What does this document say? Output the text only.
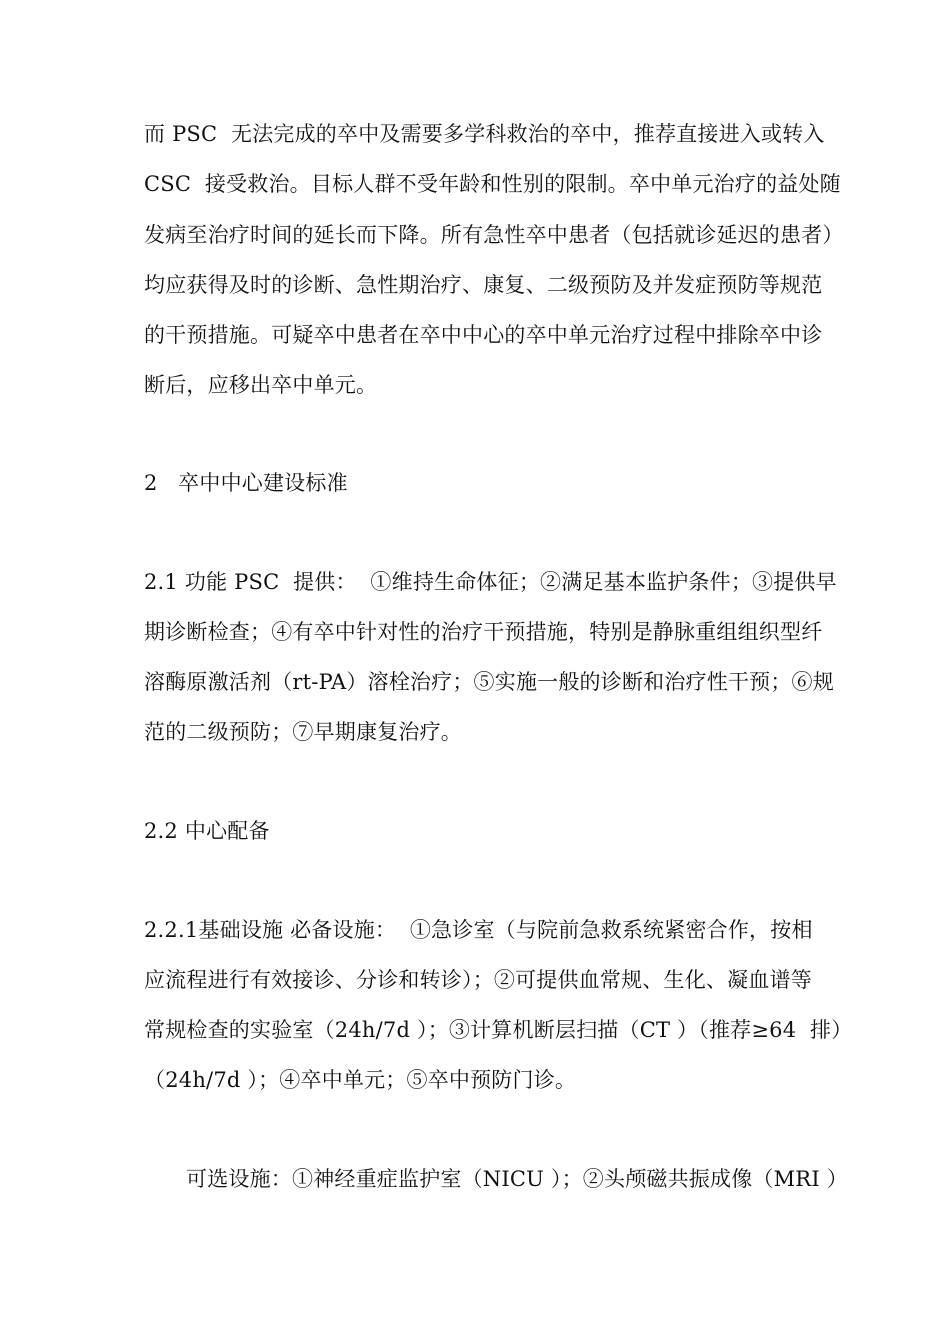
而 PSC  无法完成的卒中及需要多学科救治的卒中，推荐直接进入或转入
CSC  接受救治。目标人群不受年龄和性别的限制。卒中单元治疗的益处随
发病至治疗时间的延长而下降。所有急性卒中患者（包括就诊延迟的患者）
均应获得及时的诊断、急性期治疗、康复、二级预防及并发症预防等规范
的干预措施。可疑卒中患者在卒中中心的卒中单元治疗过程中排除卒中诊
断后，应移出卒中单元。
2   卒中中心建设标准
2.1 功能 PSC  提供：  ①维持生命体征；②满足基本监护条件；③提供早
期诊断检查；④有卒中针对性的治疗干预措施，特别是静脉重组组织型纤
溶酶原激活剂（rt-PA）溶栓治疗；⑤实施一般的诊断和治疗性干预；⑥规
范的二级预防；⑦早期康复治疗。
2.2 中心配备
2.2.1基础设施 必备设施：  ①急诊室（与院前急救系统紧密合作，按相
应流程进行有效接诊、分诊和转诊）；②可提供血常规、生化、凝血谱等
常规检查的实验室（24h/7d ）；③计算机断层扫描（CT ）（推荐≥64  排）
（24h/7d ）；④卒中单元；⑤卒中预防门诊。
可选设施：①神经重症监护室（NICU ）；②头颅磁共振成像（MRI ）
